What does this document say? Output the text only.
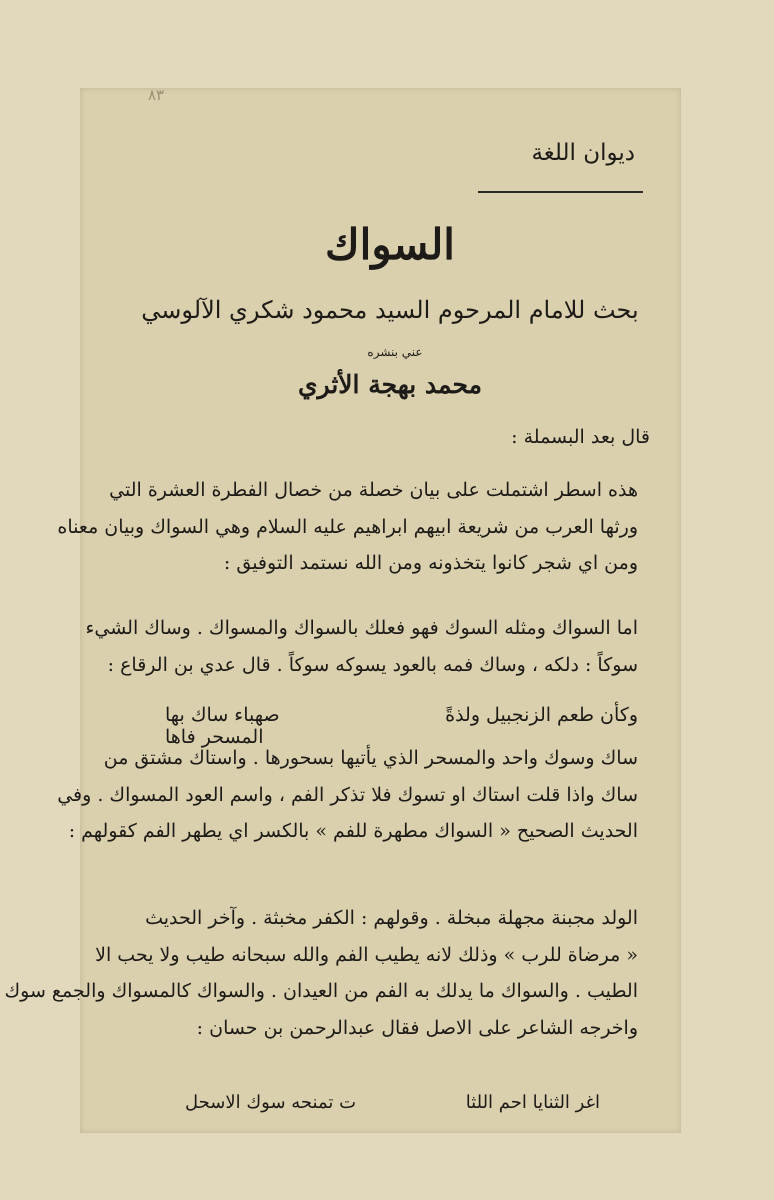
٨٣
ديوان اللغة
السواك
بحث للامام المرحوم السيد محمود شكري الآلوسي
عني بنشره
محمد بهجة الأثري
قال بعد البسملة :
هذه اسطر اشتملت على بيان خصلة من خصال الفطرة العشرة التي
ورثها العرب من شريعة ابيهم ابراهيم عليه السلام وهي السواك وبيان معناه
ومن اي شجر كانوا يتخذونه ومن الله نستمد التوفيق :
اما السواك ومثله السوك فهو فعلك بالسواك والمسواك . وساك الشيء
سوكاً : دلكه ، وساك فمه بالعود يسوكه سوكاً . قال عدي بن الرقاع :
وكأن طعم الزنجبيل ولذةً
صهباء ساك بها المسحر فاها
ساك وسوك واحد والمسحر الذي يأتيها بسحورها . واستاك مشتق من
ساك واذا قلت استاك او تسوك فلا تذكر الفم ، واسم العود المسواك . وفي
الحديث الصحيح « السواك مطهرة للفم » بالكسر اي يطهر الفم كقولهم :
الولد مجبنة مجهلة مبخلة . وقولهم : الكفر مخبثة . وآخر الحديث
« مرضاة للرب » وذلك لانه يطيب الفم والله سبحانه طيب ولا يحب الا
الطيب . والسواك ما يدلك به الفم من العيدان . والسواك كالمسواك والجمع سوك
واخرجه الشاعر على الاصل فقال عبدالرحمن بن حسان :
اغر الثنايا احم اللثا
ت تمنحه سوك الاسحل
